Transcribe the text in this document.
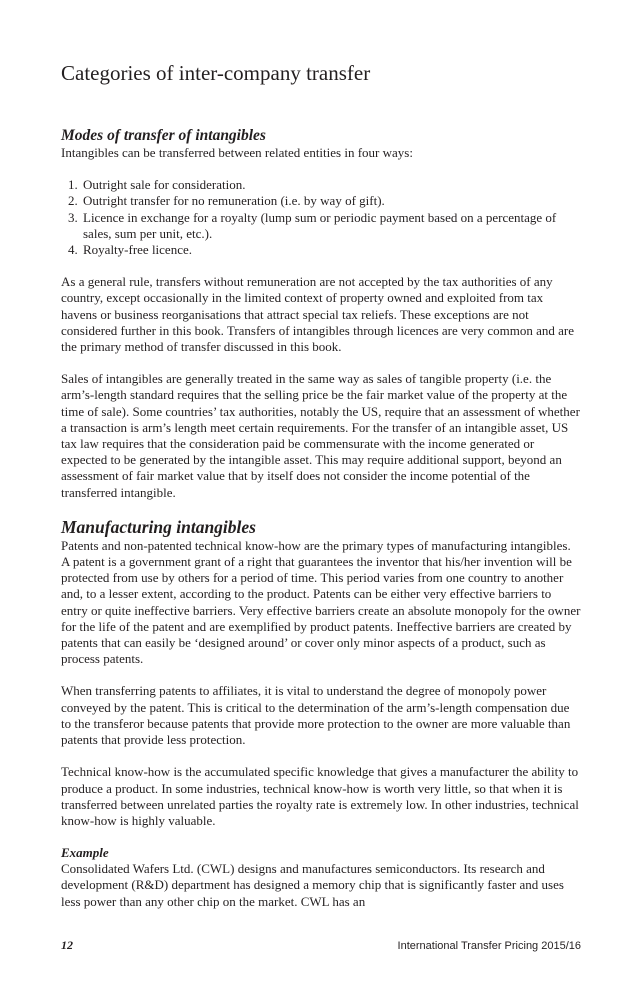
Categories of inter-company transfer
Modes of transfer of intangibles

Intangibles can be transferred between related entities in four ways:

1. Outright sale for consideration.
2. Outright transfer for no remuneration (i.e. by way of gift).
3. Licence in exchange for a royalty (lump sum or periodic payment based on a percentage of sales, sum per unit, etc.).
4. Royalty-free licence.

As a general rule, transfers without remuneration are not accepted by the tax authorities of any country, except occasionally in the limited context of property owned and exploited from tax havens or business reorganisations that attract special tax reliefs. These exceptions are not considered further in this book. Transfers of intangibles through licences are very common and are the primary method of transfer discussed in this book.

Sales of intangibles are generally treated in the same way as sales of tangible property (i.e. the arm’s-length standard requires that the selling price be the fair market value of the property at the time of sale). Some countries’ tax authorities, notably the US, require that an assessment of whether a transaction is arm’s length meet certain requirements. For the transfer of an intangible asset, US tax law requires that the consideration paid be commensurate with the income generated or expected to be generated by the intangible asset. This may require additional support, beyond an assessment of fair market value that by itself does not consider the income potential of the transferred intangible.

Manufacturing intangibles

Patents and non-patented technical know-how are the primary types of manufacturing intangibles. A patent is a government grant of a right that guarantees the inventor that his/her invention will be protected from use by others for a period of time. This period varies from one country to another and, to a lesser extent, according to the product. Patents can be either very effective barriers to entry or quite ineffective barriers. Very effective barriers create an absolute monopoly for the owner for the life of the patent and are exemplified by product patents. Ineffective barriers are created by patents that can easily be ‘designed around’ or cover only minor aspects of a product, such as process patents.

When transferring patents to affiliates, it is vital to understand the degree of monopoly power conveyed by the patent. This is critical to the determination of the arm’s-length compensation due to the transferor because patents that provide more protection to the owner are more valuable than patents that provide less protection.

Technical know-how is the accumulated specific knowledge that gives a manufacturer the ability to produce a product. In some industries, technical know-how is worth very little, so that when it is transferred between unrelated parties the royalty rate is extremely low. In other industries, technical know-how is highly valuable.

Example

Consolidated Wafers Ltd. (CWL) designs and manufactures semiconductors. Its research and development (R&D) department has designed a memory chip that is significantly faster and uses less power than any other chip on the market. CWL has an

12	International Transfer Pricing 2015/16
